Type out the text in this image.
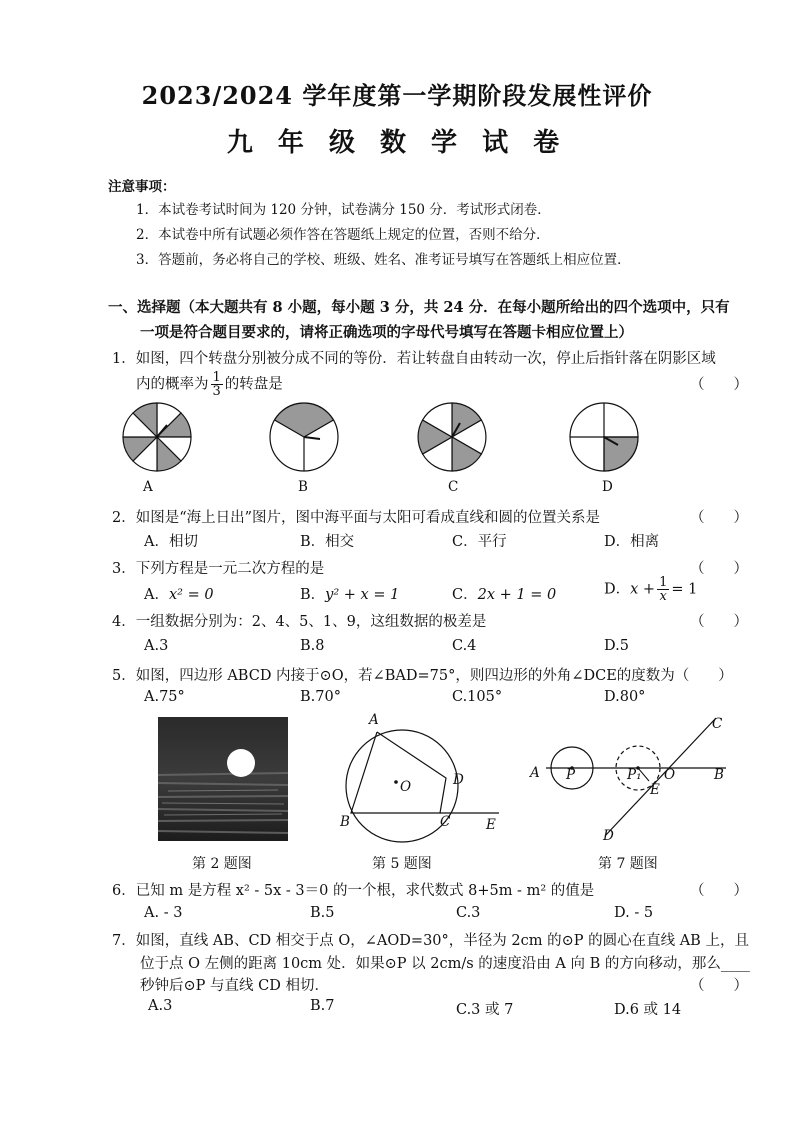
2023/2024 学年度第一学期阶段发展性评价
九 年 级 数 学 试 卷
注意事项：
1．本试卷考试时间为 120 分钟，试卷满分 150 分．考试形式闭卷．
2．本试卷中所有试题必须作答在答题纸上规定的位置，否则不给分．
3．答题前，务必将自己的学校、班级、姓名、准考证号填写在答题纸上相应位置．
一、选择题（本大题共有 8 小题，每小题 3 分，共 24 分．在每小题所给出的四个选项中，只有
一项是符合题目要求的，请将正确选项的字母代号填写在答题卡相应位置上）
1．如图，四个转盘分别被分成不同的等份．若让转盘自由转动一次，停止后指针落在阴影区域
内的概率为 $\frac{1}{3}$ 的转盘是	（　　）
A	B	C	D
2．如图是“海上日出”图片，图中海平面与太阳可看成直线和圆的位置关系是	（　　）
A．相切	B．相交	C．平行	D．相离
3．下列方程是一元二次方程的是	（　　）
A．x² = 0	B．y² + x = 1	C．2x + 1 = 0	D．$x + \frac{1}{x} = 1$
4．一组数据分别为：2、4、5、1、9，这组数据的极差是	（　　）
A.3	B.8	C.4	D.5
5．如图，四边形 ABCD 内接于⊙O，若∠BAD=75°，则四边形的外角∠DCE的度数为（　　）
A.75°	B.70°	C.105°	D.80°
A
B	C
D
E
O
A P	P₁ O	B
C
D
E
第 2 题图	第 5 题图	第 7 题图
6．已知 m 是方程 x² - 5x - 3＝0 的一个根，求代数式 8+5m - m² 的值是	（　　）
A. - 3	B.5	C.3	D. - 5
7．如图，直线 AB、CD 相交于点 O，∠AOD=30°，半径为 2cm 的⊙P 的圆心在直线 AB 上，且
位于点 O 左侧的距离 10cm 处．如果⊙P 以 2cm/s 的速度沿由 A 向 B 的方向移动，那么____
秒钟后⊙P 与直线 CD 相切．	（　　）
A.3	B.7	C.3 或 7	D.6 或 14
